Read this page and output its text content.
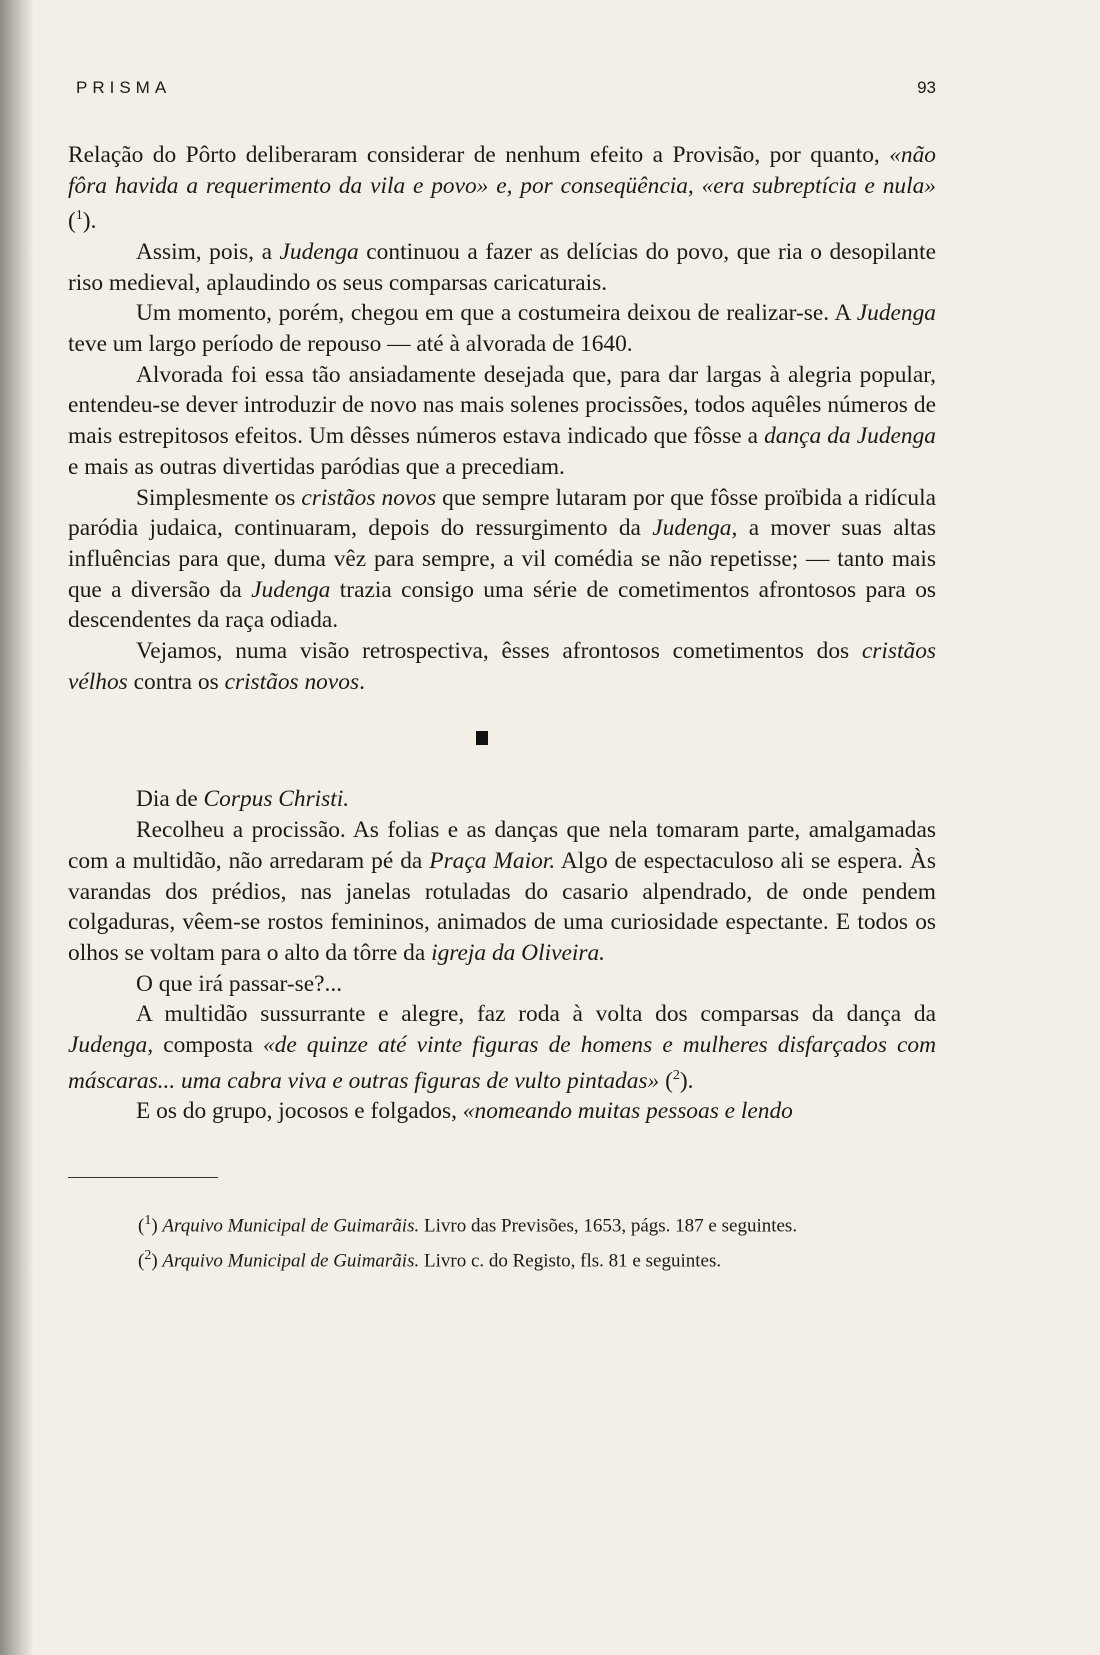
PRISMA	93

Relação do Pôrto deliberaram considerar de nenhum efeito a Provisão, por quanto, «não fôra havida a requerimento da vila e povo» e, por conseqüência, «era subreptícia e nula» ($^1$).

Assim, pois, a Judenga continuou a fazer as delícias do povo, que ria o desopilante riso medieval, aplaudindo os seus comparsas caricaturais.

Um momento, porém, chegou em que a costumeira deixou de realizar-se. A Judenga teve um largo período de repouso — até à alvorada de 1640.

Alvorada foi essa tão ansiadamente desejada que, para dar largas à alegria popular, entendeu-se dever introduzir de novo nas mais solenes procissões, todos aquêles números de mais estrepitosos efeitos. Um dêsses números estava indicado que fôsse a dança da Judenga e mais as outras divertidas paródias que a precediam.

Simplesmente os cristãos novos que sempre lutaram por que fôsse proïbida a ridícula paródia judaica, continuaram, depois do ressurgimento da Judenga, a mover suas altas influências para que, duma vêz para sempre, a vil comédia se não repetisse; — tanto mais que a diversão da Judenga trazia consigo uma série de cometimentos afrontosos para os descendentes da raça odiada.

Vejamos, numa visão retrospectiva, êsses afrontosos cometimentos dos cristãos vélhos contra os cristãos novos.

Dia de Corpus Christi.

Recolheu a procissão. As folias e as danças que nela tomaram parte, amalgamadas com a multidão, não arredaram pé da Praça Maior. Algo de espectaculoso ali se espera. Às varandas dos prédios, nas janelas rotuladas do casario alpendrado, de onde pendem colgaduras, vêem-se rostos femininos, animados de uma curiosidade espectante. E todos os olhos se voltam para o alto da tôrre da igreja da Oliveira.

O que irá passar-se?...

A multidão sussurrante e alegre, faz roda à volta dos comparsas da dança da Judenga, composta «de quinze até vinte figuras de homens e mulheres disfarçados com máscaras... uma cabra viva e outras figuras de vulto pintadas» ($^2$).

E os do grupo, jocosos e folgados, «nomeando muitas pessoas e lendo

($^1$) Arquivo Municipal de Guimarãis. Livro das Previsões, 1653, págs. 187 e seguintes.

($^2$) Arquivo Municipal de Guimarãis. Livro c. do Registo, fls. 81 e seguintes.
